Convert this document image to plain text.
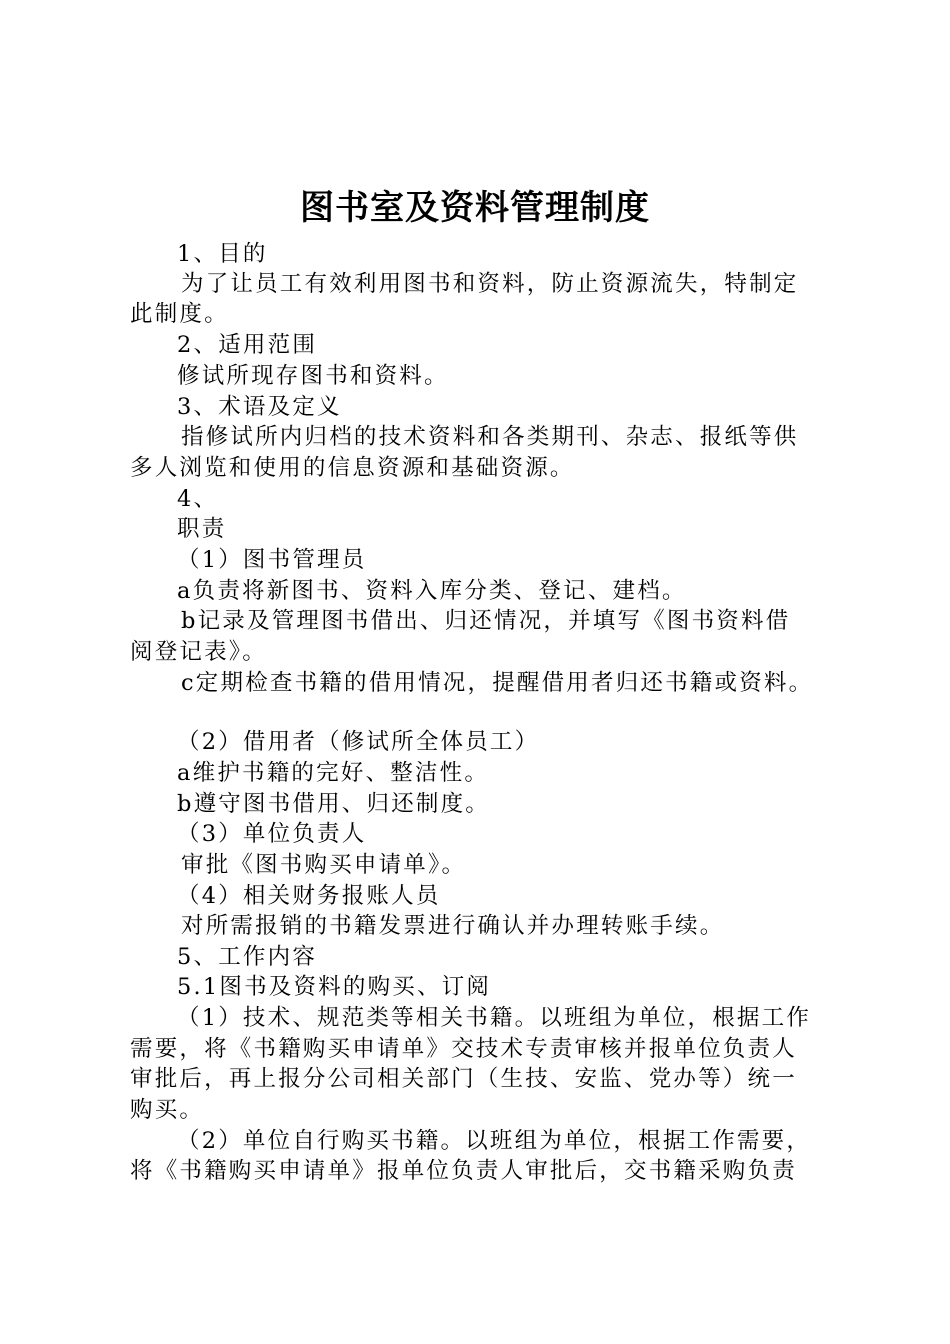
图书室及资料管理制度

1、目的

为了让员工有效利用图书和资料，防止资源流失，特制定

此制度。

2、适用范围

修试所现存图书和资料。

3、术语及定义

指修试所内归档的技术资料和各类期刊、杂志、报纸等供

多人浏览和使用的信息资源和基础资源。

4、

职责

（1）图书管理员

a负责将新图书、资料入库分类、登记、建档。

b记录及管理图书借出、归还情况，并填写《图书资料借

阅登记表》。

c定期检查书籍的借用情况，提醒借用者归还书籍或资料。

（2）借用者（修试所全体员工）

a维护书籍的完好、整洁性。

b遵守图书借用、归还制度。

（3）单位负责人

审批《图书购买申请单》。

（4）相关财务报账人员

对所需报销的书籍发票进行确认并办理转账手续。

5、工作内容

5.1图书及资料的购买、订阅

（1）技术、规范类等相关书籍。以班组为单位，根据工作

需要，将《书籍购买申请单》交技术专责审核并报单位负责人

审批后，再上报分公司相关部门（生技、安监、党办等）统一

购买。

（2）单位自行购买书籍。以班组为单位，根据工作需要，

将《书籍购买申请单》报单位负责人审批后，交书籍采购负责
